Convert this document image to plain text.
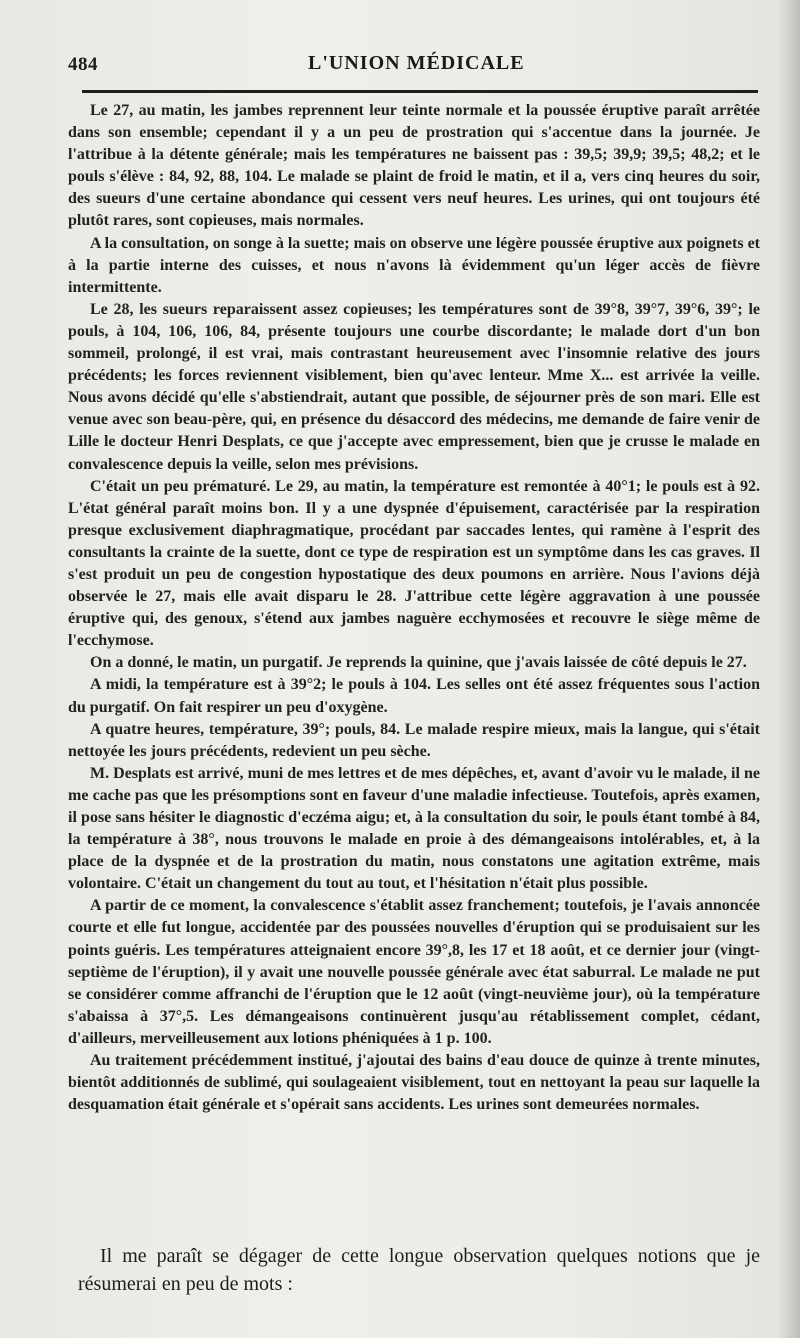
484	L'UNION MÉDICALE

Le 27, au matin, les jambes reprennent leur teinte normale et la poussée éruptive paraît arrêtée dans son ensemble; cependant il y a un peu de prostration qui s'accentue dans la journée. Je l'attribue à la détente générale; mais les températures ne baissent pas : 39,5; 39,9; 39,5; 48,2; et le pouls s'élève : 84, 92, 88, 104. Le malade se plaint de froid le matin, et il a, vers cinq heures du soir, des sueurs d'une certaine abondance qui cessent vers neuf heures. Les urines, qui ont toujours été plutôt rares, sont copieuses, mais normales.

A la consultation, on songe à la suette; mais on observe une légère poussée éruptive aux poignets et à la partie interne des cuisses, et nous n'avons là évidemment qu'un léger accès de fièvre intermittente.

Le 28, les sueurs reparaissent assez copieuses; les températures sont de 39°8, 39°7, 39°6, 39°; le pouls, à 104, 106, 106, 84, présente toujours une courbe discordante; le malade dort d'un bon sommeil, prolongé, il est vrai, mais contrastant heureusement avec l'insomnie relative des jours précédents; les forces reviennent visiblement, bien qu'avec lenteur. Mme X... est arrivée la veille. Nous avons décidé qu'elle s'abstiendrait, autant que possible, de séjourner près de son mari. Elle est venue avec son beau-père, qui, en présence du désaccord des médecins, me demande de faire venir de Lille le docteur Henri Desplats, ce que j'accepte avec empressement, bien que je crusse le malade en convalescence depuis la veille, selon mes prévisions.

C'était un peu prématuré. Le 29, au matin, la température est remontée à 40°1; le pouls est à 92. L'état général paraît moins bon. Il y a une dyspnée d'épuisement, caractérisée par la respiration presque exclusivement diaphragmatique, procédant par saccades lentes, qui ramène à l'esprit des consultants la crainte de la suette, dont ce type de respiration est un symptôme dans les cas graves. Il s'est produit un peu de congestion hypostatique des deux poumons en arrière. Nous l'avions déjà observée le 27, mais elle avait disparu le 28. J'attribue cette légère aggravation à une poussée éruptive qui, des genoux, s'étend aux jambes naguère ecchymosées et recouvre le siège même de l'ecchymose.

On a donné, le matin, un purgatif. Je reprends la quinine, que j'avais laissée de côté depuis le 27.

A midi, la température est à 39°2; le pouls à 104. Les selles ont été assez fréquentes sous l'action du purgatif. On fait respirer un peu d'oxygène.

A quatre heures, température, 39°; pouls, 84. Le malade respire mieux, mais la langue, qui s'était nettoyée les jours précédents, redevient un peu sèche.

M. Desplats est arrivé, muni de mes lettres et de mes dépêches, et, avant d'avoir vu le malade, il ne me cache pas que les présomptions sont en faveur d'une maladie infectieuse. Toutefois, après examen, il pose sans hésiter le diagnostic d'eczéma aigu; et, à la consultation du soir, le pouls étant tombé à 84, la température à 38°, nous trouvons le malade en proie à des démangeaisons intolérables, et, à la place de la dyspnée et de la prostration du matin, nous constatons une agitation extrême, mais volontaire. C'était un changement du tout au tout, et l'hésitation n'était plus possible.

A partir de ce moment, la convalescence s'établit assez franchement; toutefois, je l'avais annoncée courte et elle fut longue, accidentée par des poussées nouvelles d'éruption qui se produisaient sur les points guéris. Les températures atteignaient encore 39°,8, les 17 et 18 août, et ce dernier jour (vingt-septième de l'éruption), il y avait une nouvelle poussée générale avec état saburral. Le malade ne put se considérer comme affranchi de l'éruption que le 12 août (vingt-neuvième jour), où la température s'abaissa à 37°,5. Les démangeaisons continuèrent jusqu'au rétablissement complet, cédant, d'ailleurs, merveilleusement aux lotions phéniquées à 1 p. 100.

Au traitement précédemment institué, j'ajoutai des bains d'eau douce de quinze à trente minutes, bientôt additionnés de sublimé, qui soulageaient visiblement, tout en nettoyant la peau sur laquelle la desquamation était générale et s'opérait sans accidents. Les urines sont demeurées normales.

Il me paraît se dégager de cette longue observation quelques notions que je résumerai en peu de mots :
